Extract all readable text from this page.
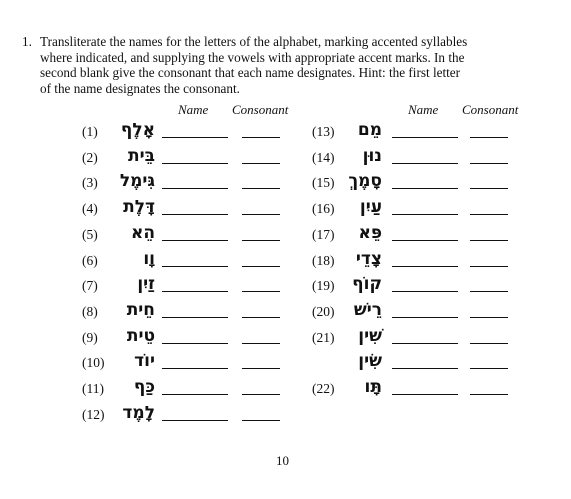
1. Transliterate the names for the letters of the alphabet, marking accented syllables
where indicated, and supplying the vowels with appropriate accent marks. In the
second blank give the consonant that each name designates. Hint: the first letter
of the name designates the consonant.
Name Consonant	Name Consonant
(1)	אָלֶף
(2)	בֵּית
(3)	גִּימֶל
(4)	דָּלֶת
(5)	הֵא
(6)	וָו
(7)	זַיִן
(8)	חֵית
(9)	טֵית
(10)	יוֹד
(11)	כַּף
(12)	לָמֶד
(13)	מֵם
(14)	נוּן
(15) סָמֶךְ
(16)	עַיִן
(17)	פֵּא
(18)	צָדֵי
(19)	קוֹף
(20)	רֵישׁ
(21)	שִׁין
שִׂין
(22)	תָּו
10
